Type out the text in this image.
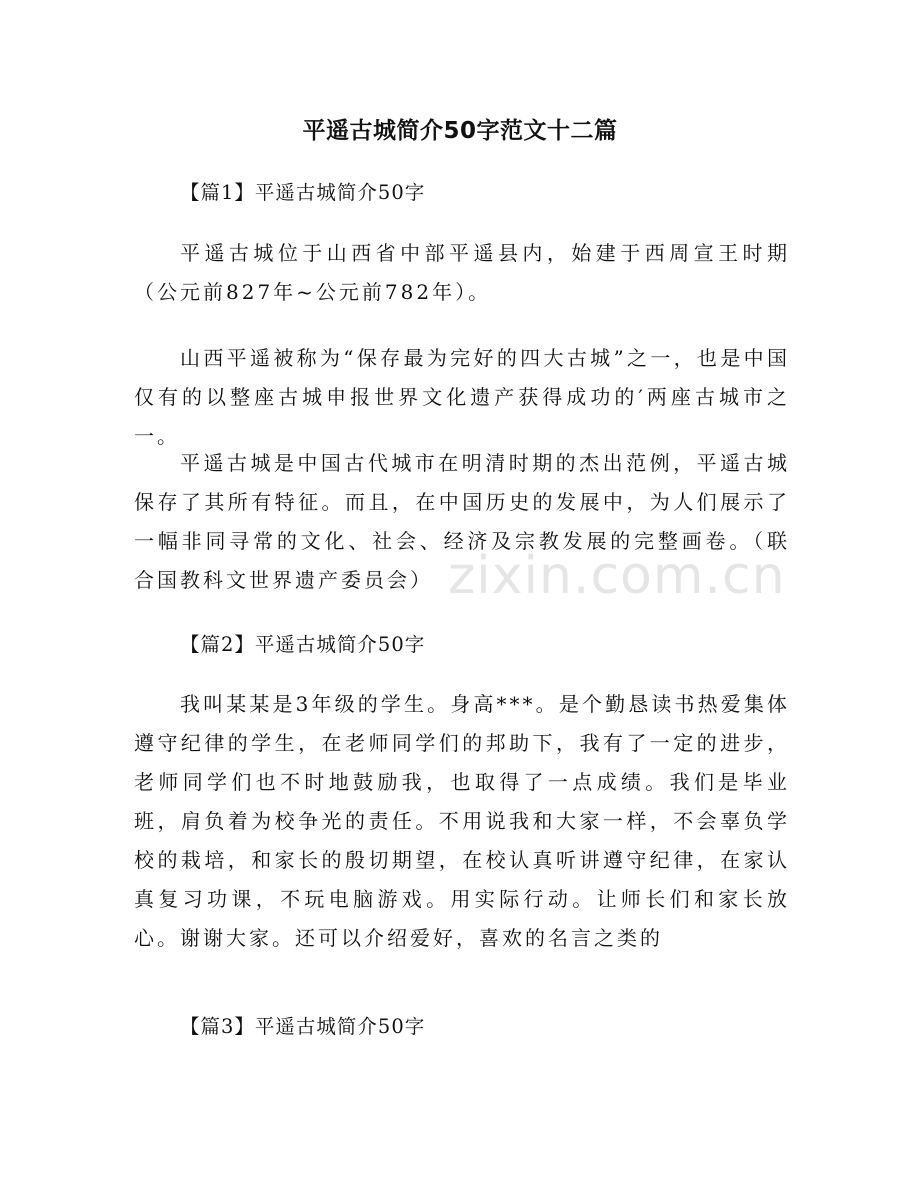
zixin.com.cn
平遥古城简介50字范文十二篇
【篇1】平遥古城简介50字

平遥古城位于山西省中部平遥县内，始建于西周宣王时期（公元前827年~公元前782年）。

山西平遥被称为“保存最为完好的四大古城”之一，也是中国仅有的以整座古城申报世界文化遗产获得成功的′两座古城市之一。

平遥古城是中国古代城市在明清时期的杰出范例，平遥古城保存了其所有特征。而且，在中国历史的发展中，为人们展示了一幅非同寻常的文化、社会、经济及宗教发展的完整画卷。（联合国教科文世界遗产委员会）

【篇2】平遥古城简介50字

我叫某某是3年级的学生。身高***。是个勤恳读书热爱集体遵守纪律的学生，在老师同学们的邦助下，我有了一定的进步，老师同学们也不时地鼓励我，也取得了一点成绩。我们是毕业班，肩负着为校争光的责任。不用说我和大家一样，不会辜负学校的栽培，和家长的殷切期望，在校认真听讲遵守纪律，在家认真复习功课，不玩电脑游戏。用实际行动。让师长们和家长放心。谢谢大家。还可以介绍爱好，喜欢的名言之类的

【篇3】平遥古城简介50字
